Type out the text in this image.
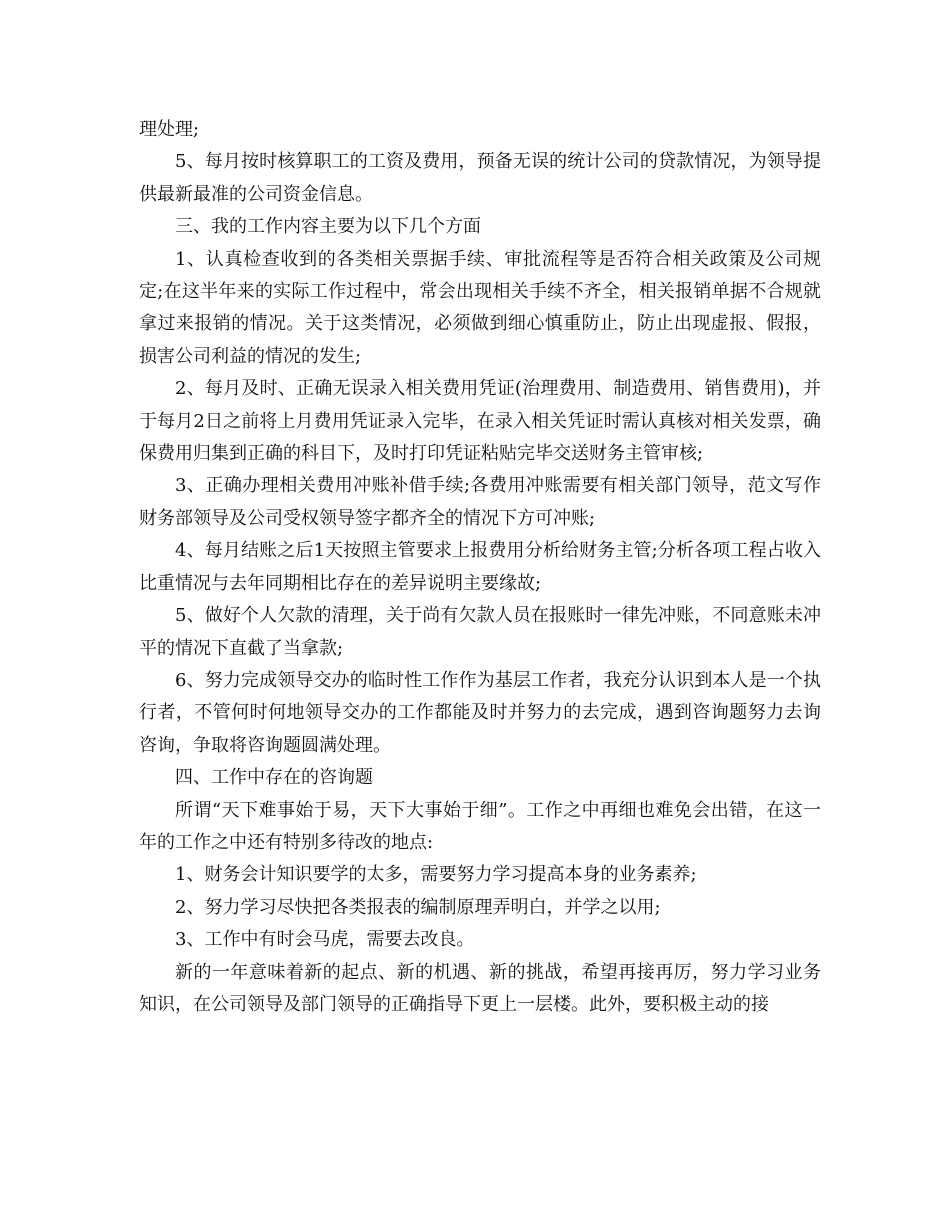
理处理;

5、每月按时核算职工的工资及费用，预备无误的统计公司的贷款情况，为领导提供最新最准的公司资金信息。

三、我的工作内容主要为以下几个方面

1、认真检查收到的各类相关票据手续、审批流程等是否符合相关政策及公司规定;在这半年来的实际工作过程中，常会出现相关手续不齐全，相关报销单据不合规就拿过来报销的情况。关于这类情况，必须做到细心慎重防止，防止出现虚报、假报，损害公司利益的情况的发生;

2、每月及时、正确无误录入相关费用凭证(治理费用、制造费用、销售费用)，并于每月2日之前将上月费用凭证录入完毕，在录入相关凭证时需认真核对相关发票，确保费用归集到正确的科目下，及时打印凭证粘贴完毕交送财务主管审核;

3、正确办理相关费用冲账补借手续;各费用冲账需要有相关部门领导，范文写作财务部领导及公司受权领导签字都齐全的情况下方可冲账;

4、每月结账之后1天按照主管要求上报费用分析给财务主管;分析各项工程占收入比重情况与去年同期相比存在的差异说明主要缘故;

5、做好个人欠款的清理，关于尚有欠款人员在报账时一律先冲账，不同意账未冲平的情况下直截了当拿款;

6、努力完成领导交办的临时性工作作为基层工作者，我充分认识到本人是一个执行者，不管何时何地领导交办的工作都能及时并努力的去完成，遇到咨询题努力去询咨询，争取将咨询题圆满处理。

四、工作中存在的咨询题

所谓“天下难事始于易，天下大事始于细”。工作之中再细也难免会出错，在这一年的工作之中还有特别多待改的地点:

1、财务会计知识要学的太多，需要努力学习提高本身的业务素养;

2、努力学习尽快把各类报表的编制原理弄明白，并学之以用;

3、工作中有时会马虎，需要去改良。

新的一年意味着新的起点、新的机遇、新的挑战，希望再接再厉，努力学习业务知识，在公司领导及部门领导的正确指导下更上一层楼。此外，要积极主动的接
